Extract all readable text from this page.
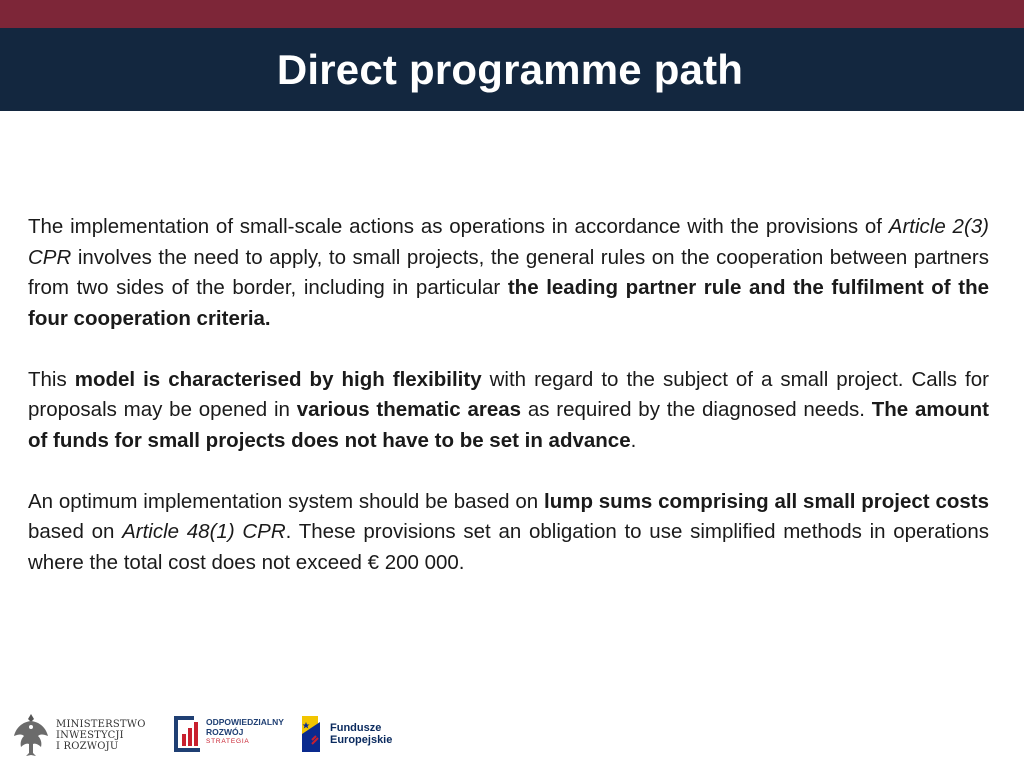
Direct programme path

The implementation of small-scale actions as operations in accordance with the provisions of Article 2(3) CPR involves the need to apply, to small projects, the general rules on the cooperation between partners from two sides of the border, including in particular the leading partner rule and the fulfilment of the four cooperation criteria.

This model is characterised by high flexibility with regard to the subject of a small project. Calls for proposals may be opened in various thematic areas as required by the diagnosed needs. The amount of funds for small projects does not have to be set in advance.

An optimum implementation system should be based on lump sums comprising all small project costs based on Article 48(1) CPR. These provisions set an obligation to use simplified methods in operations where the total cost does not exceed € 200 000.

MINISTERSTWO
INWESTYCJI
I ROZWOJU
ODPOWIEDZIALNY
ROZWÓJ
STRATEGIA
Fundusze
Europejskie
